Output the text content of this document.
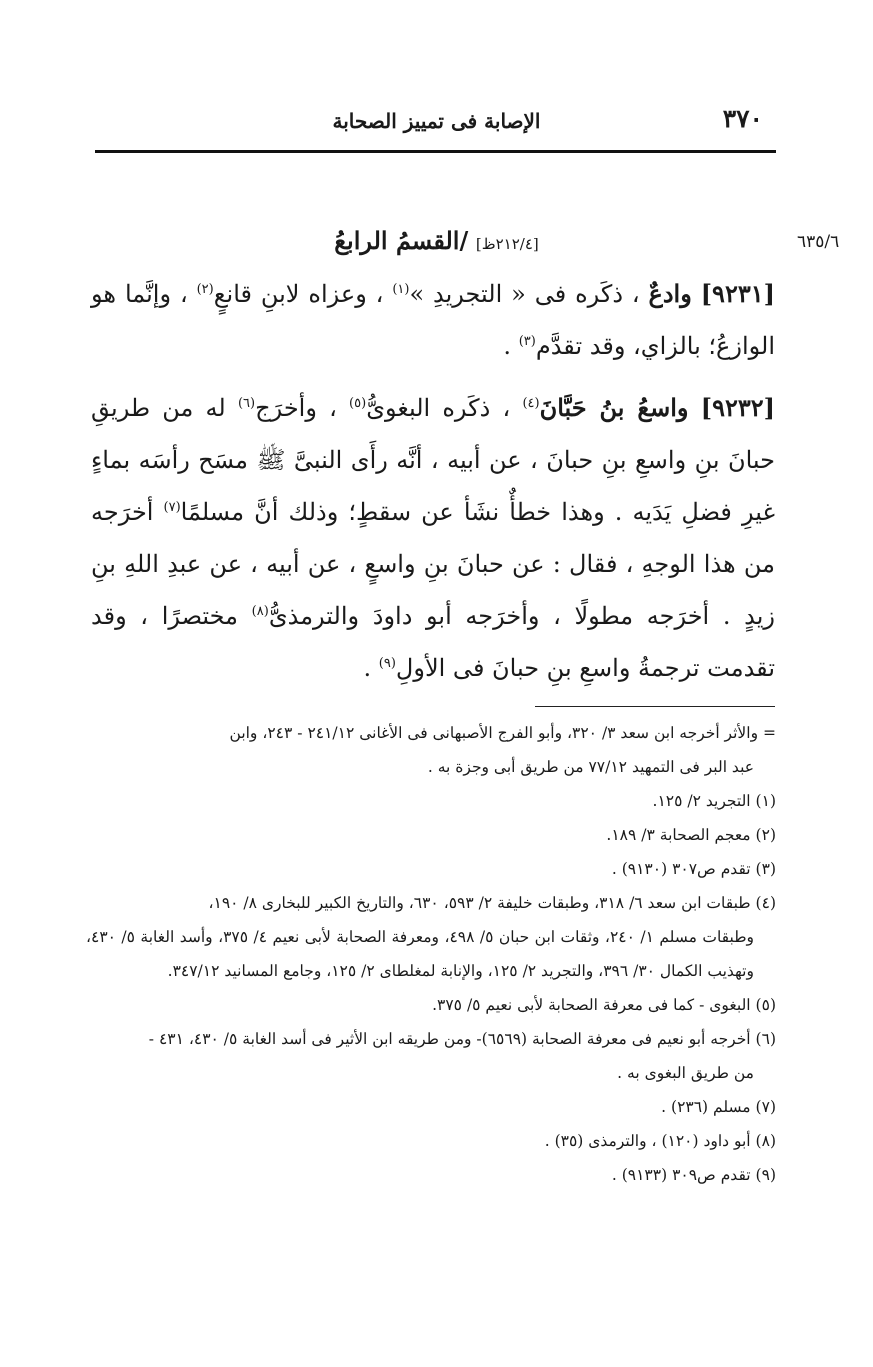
٣٧٠
الإصابة فى تمييز الصحابة
٦٣٥/٦
[٢١٢/٤ظ] /القسمُ الرابعُ

[٩٢٣١] وادعٌ ، ذكَره فى « التجريدِ »$^{(١)}$ ، وعزاه لابنِ قانعٍ$^{(٢)}$ ، وإنَّما هو الوازعُ؛ بالزاي، وقد تقدَّم$^{(٣)}$ .

[٩٢٣٢] واسعُ بنُ حَبَّانَ$^{(٤)}$ ، ذكَره البغوىُّ$^{(٥)}$ ، وأخرَج$^{(٦)}$ له من طريقِ حبانَ بنِ واسعِ بنِ حبانَ ، عن أبيه ، أنَّه رأَى النبىَّ ﷺ مسَح رأسَه بماءٍ غيرِ فضلِ يَدَيه . وهذا خطأٌ نشَأ عن سقطٍ؛ وذلك أنَّ مسلمًا$^{(٧)}$ أخرَجه من هذا الوجهِ ، فقال : عن حبانَ بنِ واسعٍ ، عن أبيه ، عن عبدِ اللهِ بنِ زيدٍ . أخرَجه مطولًا ، وأخرَجه أبو داودَ والترمذىُّ$^{(٨)}$ مختصرًا ، وقد تقدمت ترجمةُ واسعِ بنِ حبانَ فى الأولِ$^{(٩)}$ .

= والأثر أخرجه ابن سعد ٣/ ٣٢٠، وأبو الفرج الأصبهانى فى الأغانى ٢٤١/١٢ - ٢٤٣، وابن
عبد البر فى التمهيد ٧٧/١٢ من طريق أبى وجزة به .
(١) التجريد ٢/ ١٢٥.
(٢) معجم الصحابة ٣/ ١٨٩.
(٣) تقدم ص٣٠٧ (٩١٣٠) .
(٤) طبقات ابن سعد ٦/ ٣١٨، وطبقات خليفة ٢/ ٥٩٣، ٦٣٠، والتاريخ الكبير للبخارى ٨/ ١٩٠،
وطبقات مسلم ١/ ٢٤٠، وثقات ابن حبان ٥/ ٤٩٨، ومعرفة الصحابة لأبى نعيم ٤/ ٣٧٥، وأسد الغابة ٥/ ٤٣٠، وتهذيب الكمال ٣٠/ ٣٩٦، والتجريد ٢/ ١٢٥، والإنابة لمغلطاى ٢/ ١٢٥، وجامع المسانيد ٣٤٧/١٢.
(٥) البغوى - كما فى معرفة الصحابة لأبى نعيم ٥/ ٣٧٥.
(٦) أخرجه أبو نعيم فى معرفة الصحابة (٦٥٦٩)- ومن طريقه ابن الأثير فى أسد الغابة ٥/ ٤٣٠، ٤٣١ -
من طريق البغوى به .
(٧) مسلم (٢٣٦) .
(٨) أبو داود (١٢٠) ، والترمذى (٣٥) .
(٩) تقدم ص٣٠٩ (٩١٣٣) .
